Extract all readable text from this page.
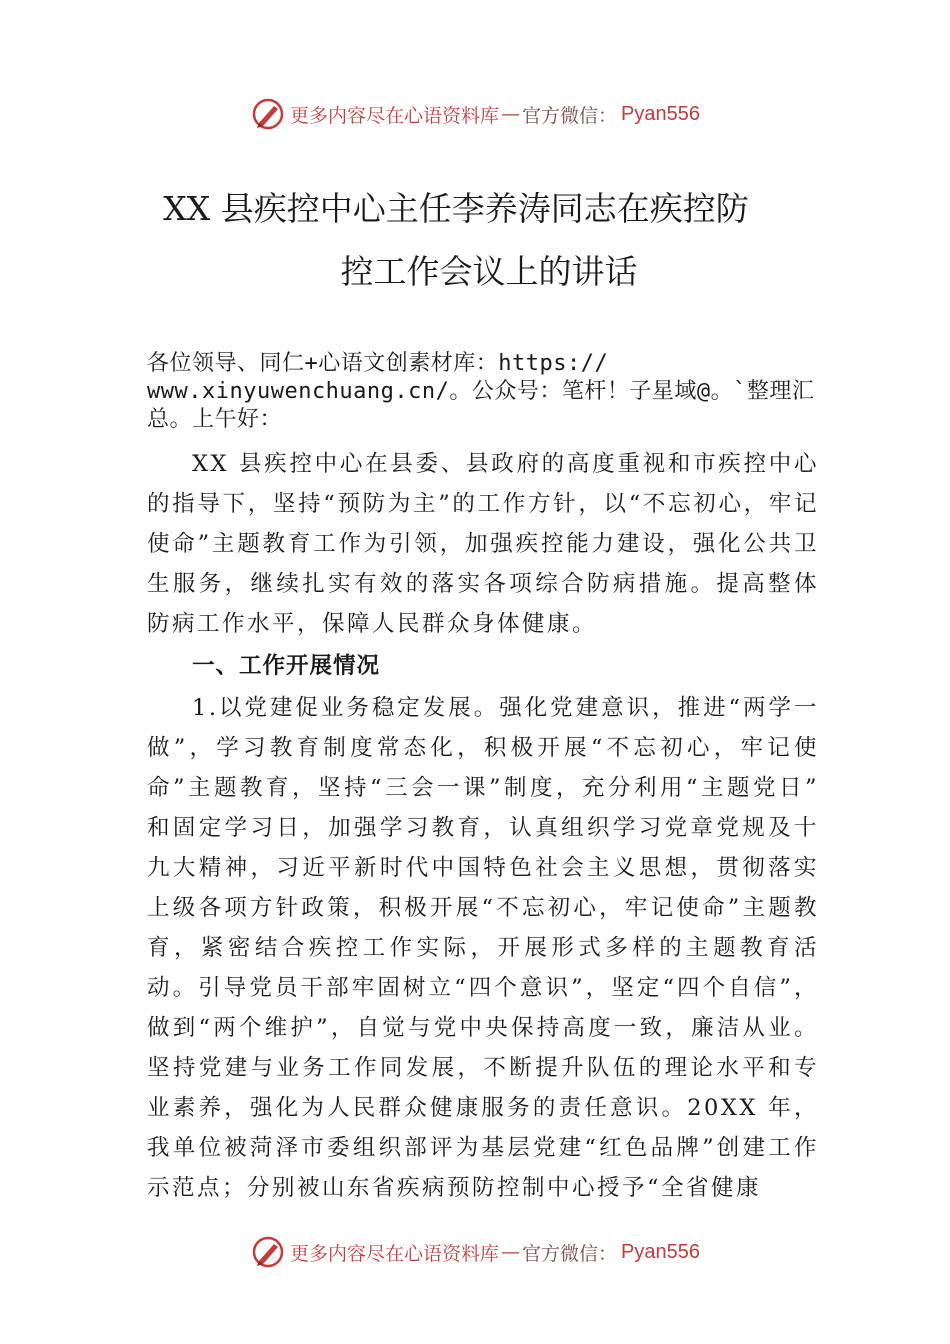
更多内容尽在心语资料库 — 官方微信： Pyan556
XX 县疾控中心主任李养涛同志在疾控防
控工作会议上的讲话
各位领导、同仁+心语文创素材库：https://
www.xinyuwenchuang.cn/。公众号：笔杆！子星域@。`整理汇
总。上午好：
XX 县疾控中心在县委、县政府的高度重视和市疾控中心的指导下，坚持“预防为主”的工作方针，以“不忘初心，牢记使命”主题教育工作为引领，加强疾控能力建设，强化公共卫生服务，继续扎实有效的落实各项综合防病措施。提高整体防病工作水平，保障人民群众身体健康。
一、工作开展情况
1.以党建促业务稳定发展。强化党建意识，推进“两学一做”，学习教育制度常态化，积极开展“不忘初心，牢记使命”主题教育，坚持“三会一课”制度，充分利用“主题党日” 和固定学习日，加强学习教育，认真组织学习党章党规及十九大精神，习近平新时代中国特色社会主义思想，贯彻落实上级各项方针政策，积极开展“不忘初心，牢记使命”主题教育，紧密结合疾控工作实际，开展形式多样的主题教育活动。引导党员干部牢固树立“四个意识”，坚定“四个自信”， 做到“两个维护”，自觉与党中央保持高度一致，廉洁从业。坚持党建与业务工作同发展，不断提升队伍的理论水平和专业素养，强化为人民群众健康服务的责任意识。20XX 年， 我单位被菏泽市委组织部评为基层党建“红色品牌”创建工作示范点；分别被山东省疾病预防控制中心授予“全省健康
更多内容尽在心语资料库 — 官方微信： Pyan556
